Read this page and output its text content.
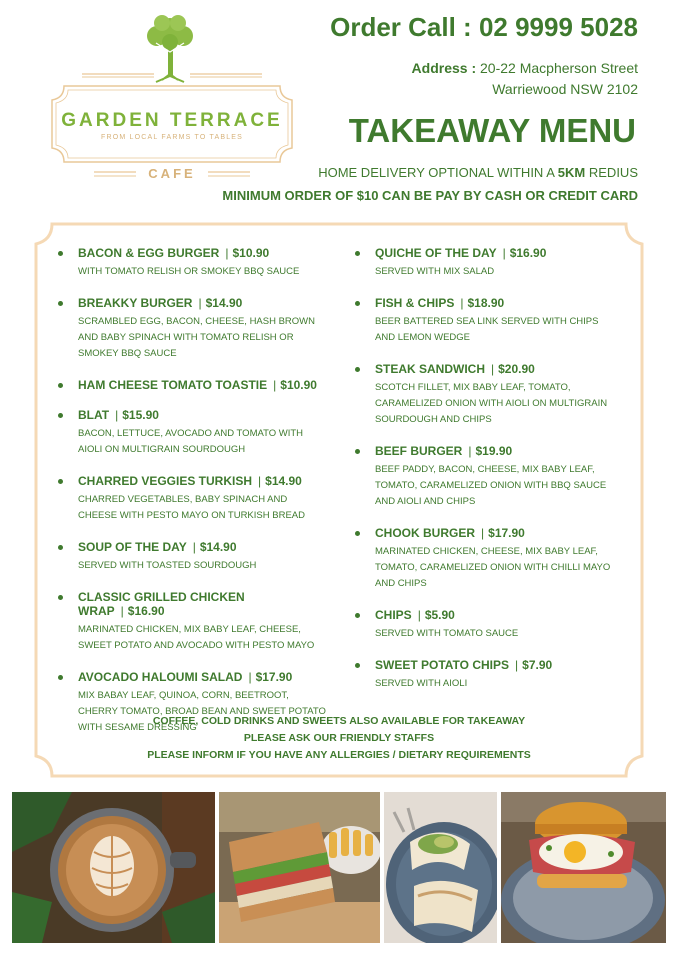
GARDEN TERRACE
FROM LOCAL FARMS TO TABLES
CAFE
Order Call : 02 9999 5028
Address : 20-22 Macpherson Street
Warriewood NSW 2102
TAKEAWAY MENU
HOME DELIVERY OPTIONAL WITHIN A 5KM REDIUS
MINIMUM ORDER OF $10 CAN BE PAY BY CASH OR CREDIT CARD
BACON & EGG BURGER | $10.90
WITH TOMATO RELISH OR SMOKEY BBQ SAUCE
BREAKKY BURGER | $14.90
SCRAMBLED EGG, BACON, CHEESE, HASH BROWN AND BABY SPINACH WITH TOMATO RELISH OR SMOKEY BBQ SAUCE
HAM CHEESE TOMATO TOASTIE | $10.90
BLAT | $15.90
BACON, LETTUCE, AVOCADO AND TOMATO WITH AIOLI ON MULTIGRAIN SOURDOUGH
CHARRED VEGGIES TURKISH | $14.90
CHARRED VEGETABLES, BABY SPINACH AND CHEESE WITH PESTO MAYO ON TURKISH BREAD
SOUP OF THE DAY | $14.90
SERVED WITH TOASTED SOURDOUGH
CLASSIC GRILLED CHICKEN WRAP | $16.90
MARINATED CHICKEN, MIX BABY LEAF, CHEESE, SWEET POTATO AND AVOCADO WITH PESTO MAYO
AVOCADO HALOUMI SALAD | $17.90
MIX BABAY LEAF, QUINOA, CORN, BEETROOT, CHERRY TOMATO, BROAD BEAN AND SWEET POTATO WITH SESAME DRESSING
QUICHE OF THE DAY | $16.90
SERVED WITH MIX SALAD
FISH & CHIPS | $18.90
BEER BATTERED SEA LINK SERVED WITH CHIPS AND LEMON WEDGE
STEAK SANDWICH | $20.90
SCOTCH FILLET, MIX BABY LEAF, TOMATO, CARAMELIZED ONION WITH AIOLI ON MULTIGRAIN SOURDOUGH AND CHIPS
BEEF BURGER | $19.90
BEEF PADDY, BACON, CHEESE, MIX BABY LEAF, TOMATO, CARAMELIZED ONION WITH BBQ SAUCE AND AIOLI AND CHIPS
CHOOK BURGER | $17.90
MARINATED CHICKEN, CHEESE, MIX BABY LEAF, TOMATO, CARAMELIZED ONION WITH CHILLI MAYO AND CHIPS
CHIPS | $5.90
SERVED WITH TOMATO SAUCE
SWEET POTATO CHIPS | $7.90
SERVED WITH AIOLI
COFFEE, COLD DRINKS AND SWEETS ALSO AVAILABLE FOR TAKEAWAY
PLEASE ASK OUR FRIENDLY STAFFS
PLEASE INFORM IF YOU HAVE ANY ALLERGIES / DIETARY REQUIREMENTS
